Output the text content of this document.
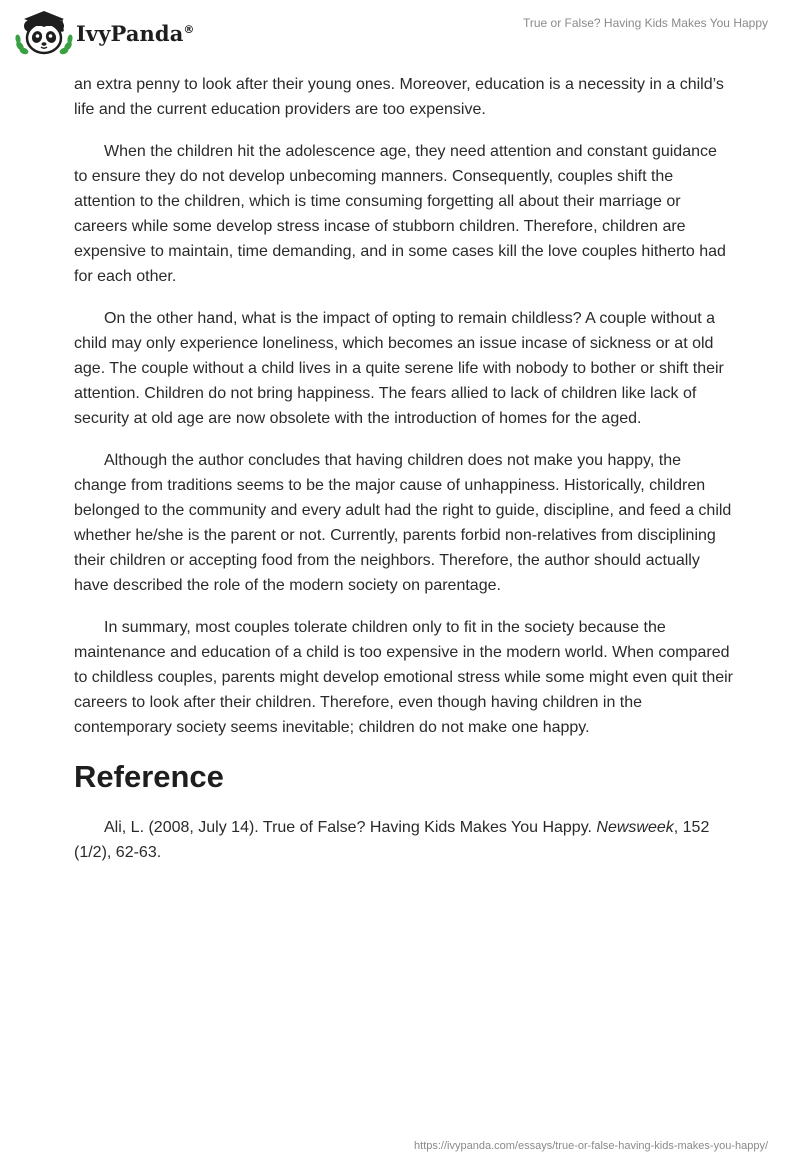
IvyPanda®	True or False? Having Kids Makes You Happy

an extra penny to look after their young ones. Moreover, education is a necessity in a child’s life and the current education providers are too expensive.

When the children hit the adolescence age, they need attention and constant guidance to ensure they do not develop unbecoming manners. Consequently, couples shift the attention to the children, which is time consuming forgetting all about their marriage or careers while some develop stress incase of stubborn children. Therefore, children are expensive to maintain, time demanding, and in some cases kill the love couples hitherto had for each other.

On the other hand, what is the impact of opting to remain childless? A couple without a child may only experience loneliness, which becomes an issue incase of sickness or at old age. The couple without a child lives in a quite serene life with nobody to bother or shift their attention. Children do not bring happiness. The fears allied to lack of children like lack of security at old age are now obsolete with the introduction of homes for the aged.

Although the author concludes that having children does not make you happy, the change from traditions seems to be the major cause of unhappiness. Historically, children belonged to the community and every adult had the right to guide, discipline, and feed a child whether he/she is the parent or not. Currently, parents forbid non-relatives from disciplining their children or accepting food from the neighbors. Therefore, the author should actually have described the role of the modern society on parentage.

In summary, most couples tolerate children only to fit in the society because the maintenance and education of a child is too expensive in the modern world. When compared to childless couples, parents might develop emotional stress while some might even quit their careers to look after their children. Therefore, even though having children in the contemporary society seems inevitable; children do not make one happy.

Reference

Ali, L. (2008, July 14). True of False? Having Kids Makes You Happy. Newsweek, 152 (1/2), 62-63.

https://ivypanda.com/essays/true-or-false-having-kids-makes-you-happy/
